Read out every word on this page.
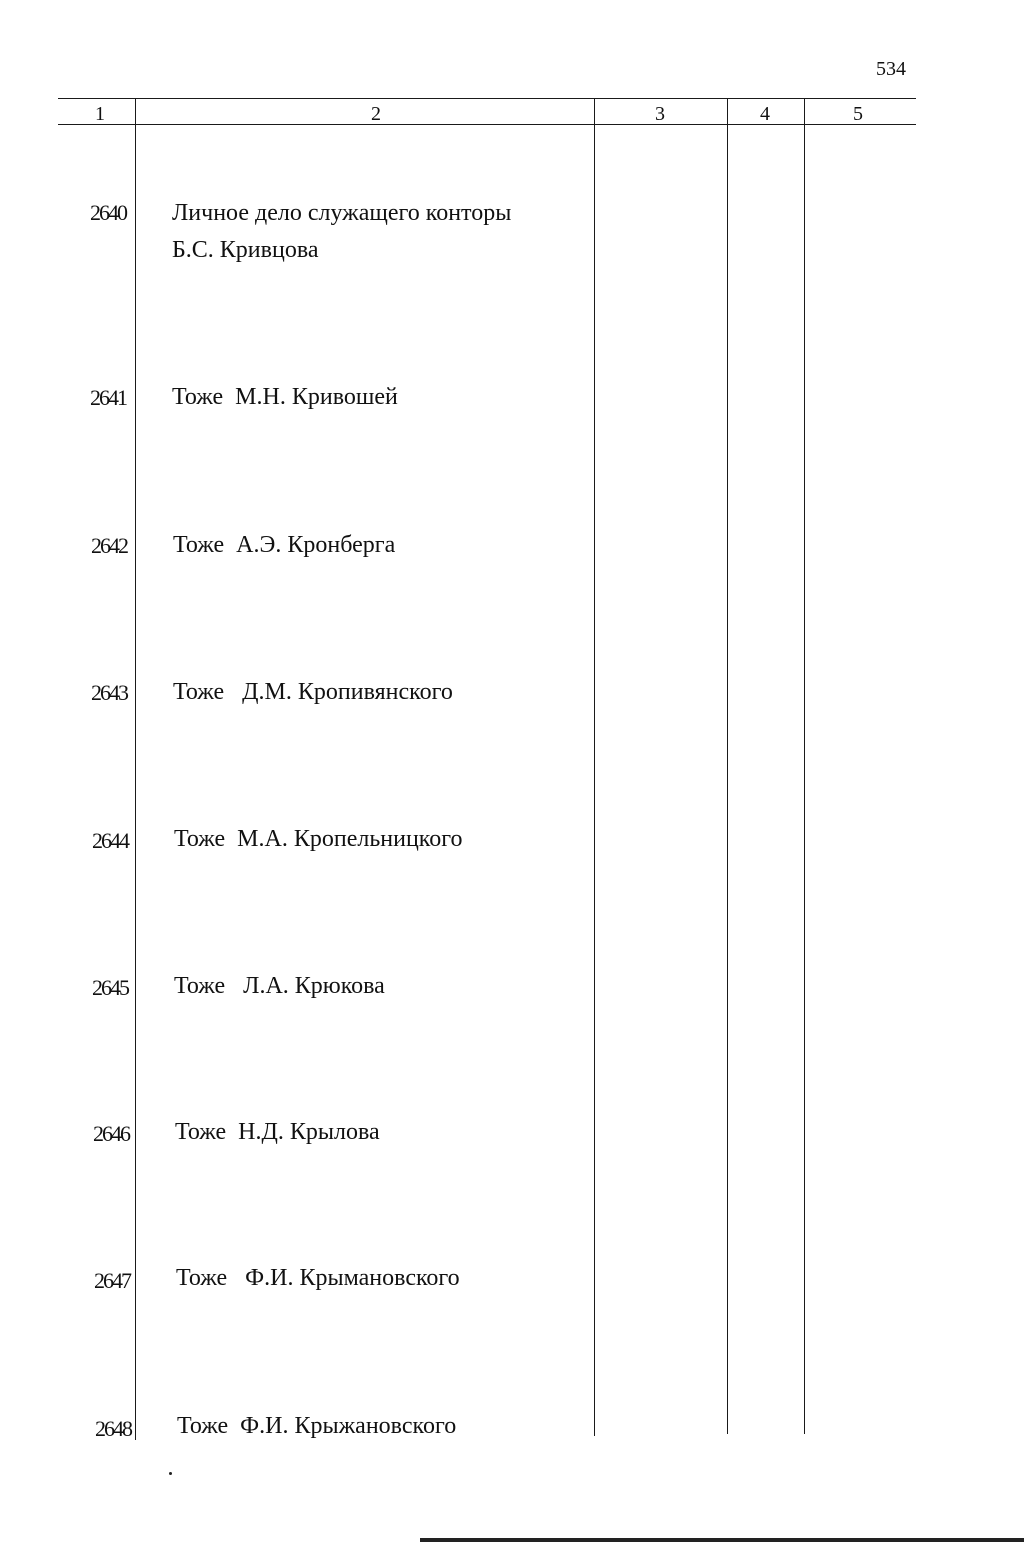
534
1	2	3	4	5
2640 Личное дело служащего конторы
Б.С. Кривцова
2641 Тоже  М.Н. Кривошей
2642 Тоже  А.Э. Кронберга
2643 Тоже   Д.М. Кропивянского
2644 Тоже  М.А. Кропельницкого
2645 Тоже   Л.А. Крюкова
2646 Тоже  Н.Д. Крылова
2647 Тоже   Ф.И. Крымановского
2648 Тоже  Ф.И. Крыжановского
